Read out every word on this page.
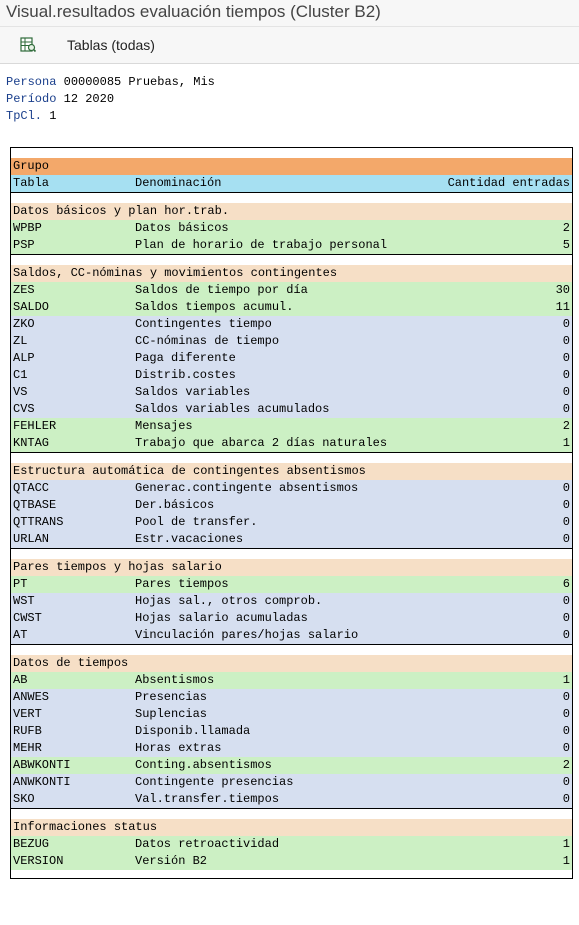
Visual.resultados evaluación tiempos (Cluster B2)
Tablas (todas)
Persona 00000085 Pruebas, Mis
Período 12 2020
TpCl. 1
Grupo
Tabla	Denominación	Cantidad entradas
Datos básicos y plan hor.trab.
WPBP	Datos básicos	2
PSP	Plan de horario de trabajo personal	5
Saldos, CC-nóminas y movimientos contingentes
ZES	Saldos de tiempo por día	30
SALDO	Saldos tiempos acumul.	11
ZKO	Contingentes tiempo	0
ZL	CC-nóminas de tiempo	0
ALP	Paga diferente	0
C1	Distrib.costes	0
VS	Saldos variables	0
CVS	Saldos variables acumulados	0
FEHLER	Mensajes	2
KNTAG	Trabajo que abarca 2 días naturales	1
Estructura automática de contingentes absentismos
QTACC	Generac.contingente absentismos	0
QTBASE	Der.básicos	0
QTTRANS	Pool de transfer.	0
URLAN	Estr.vacaciones	0
Pares tiempos y hojas salario
PT	Pares tiempos	6
WST	Hojas sal., otros comprob.	0
CWST	Hojas salario acumuladas	0
AT	Vinculación pares/hojas salario	0
Datos de tiempos
AB	Absentismos	1
ANWES	Presencias	0
VERT	Suplencias	0
RUFB	Disponib.llamada	0
MEHR	Horas extras	0
ABWKONTI	Conting.absentismos	2
ANWKONTI	Contingente presencias	0
SKO	Val.transfer.tiempos	0
Informaciones status
BEZUG	Datos retroactividad	1
VERSION	Versión B2	1
